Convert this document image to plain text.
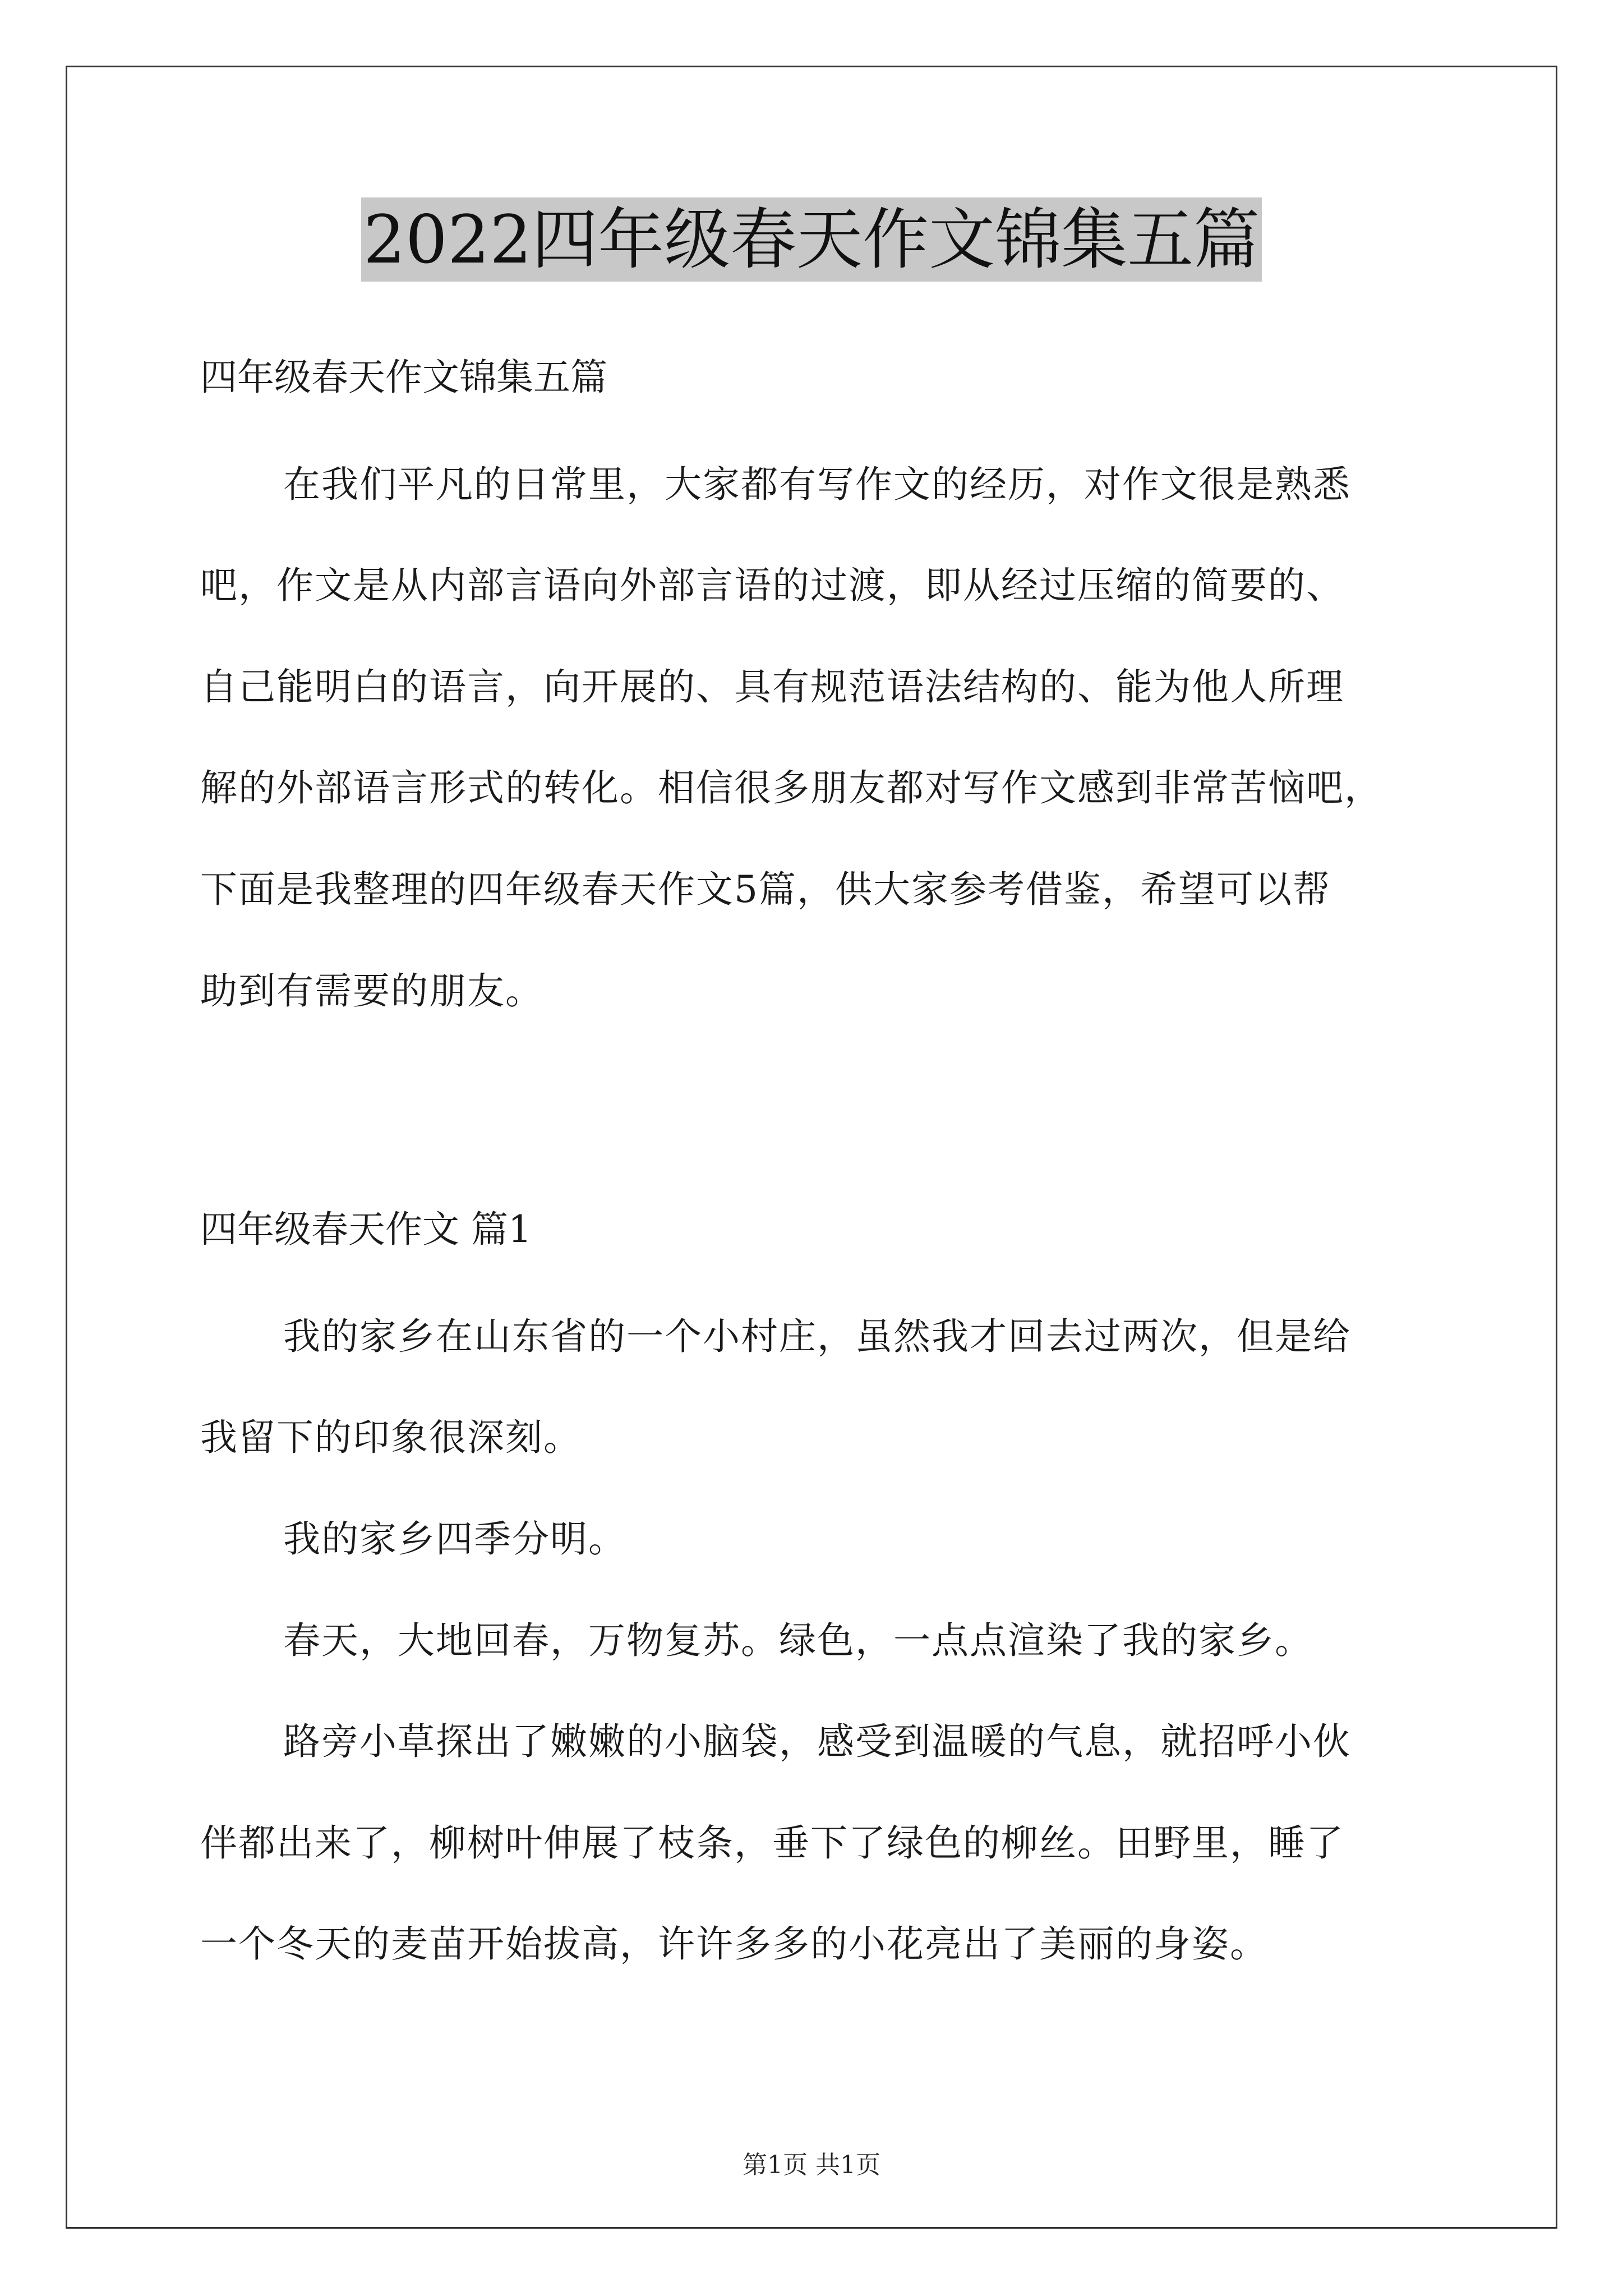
2022四年级春天作文锦集五篇
四年级春天作文锦集五篇
在我们平凡的日常里，大家都有写作文的经历，对作文很是熟悉
吧，作文是从内部言语向外部言语的过渡，即从经过压缩的简要的、
自己能明白的语言，向开展的、具有规范语法结构的、能为他人所理
解的外部语言形式的转化。相信很多朋友都对写作文感到非常苦恼吧，
下面是我整理的四年级春天作文5篇，供大家参考借鉴，希望可以帮
助到有需要的朋友。
四年级春天作文 篇1
我的家乡在山东省的一个小村庄，虽然我才回去过两次，但是给
我留下的印象很深刻。
我的家乡四季分明。
春天，大地回春，万物复苏。绿色，一点点渲染了我的家乡。
路旁小草探出了嫩嫩的小脑袋，感受到温暖的气息，就招呼小伙
伴都出来了，柳树叶伸展了枝条，垂下了绿色的柳丝。田野里，睡了
一个冬天的麦苗开始拔高，许许多多的小花亮出了美丽的身姿。
第1页 共1页
